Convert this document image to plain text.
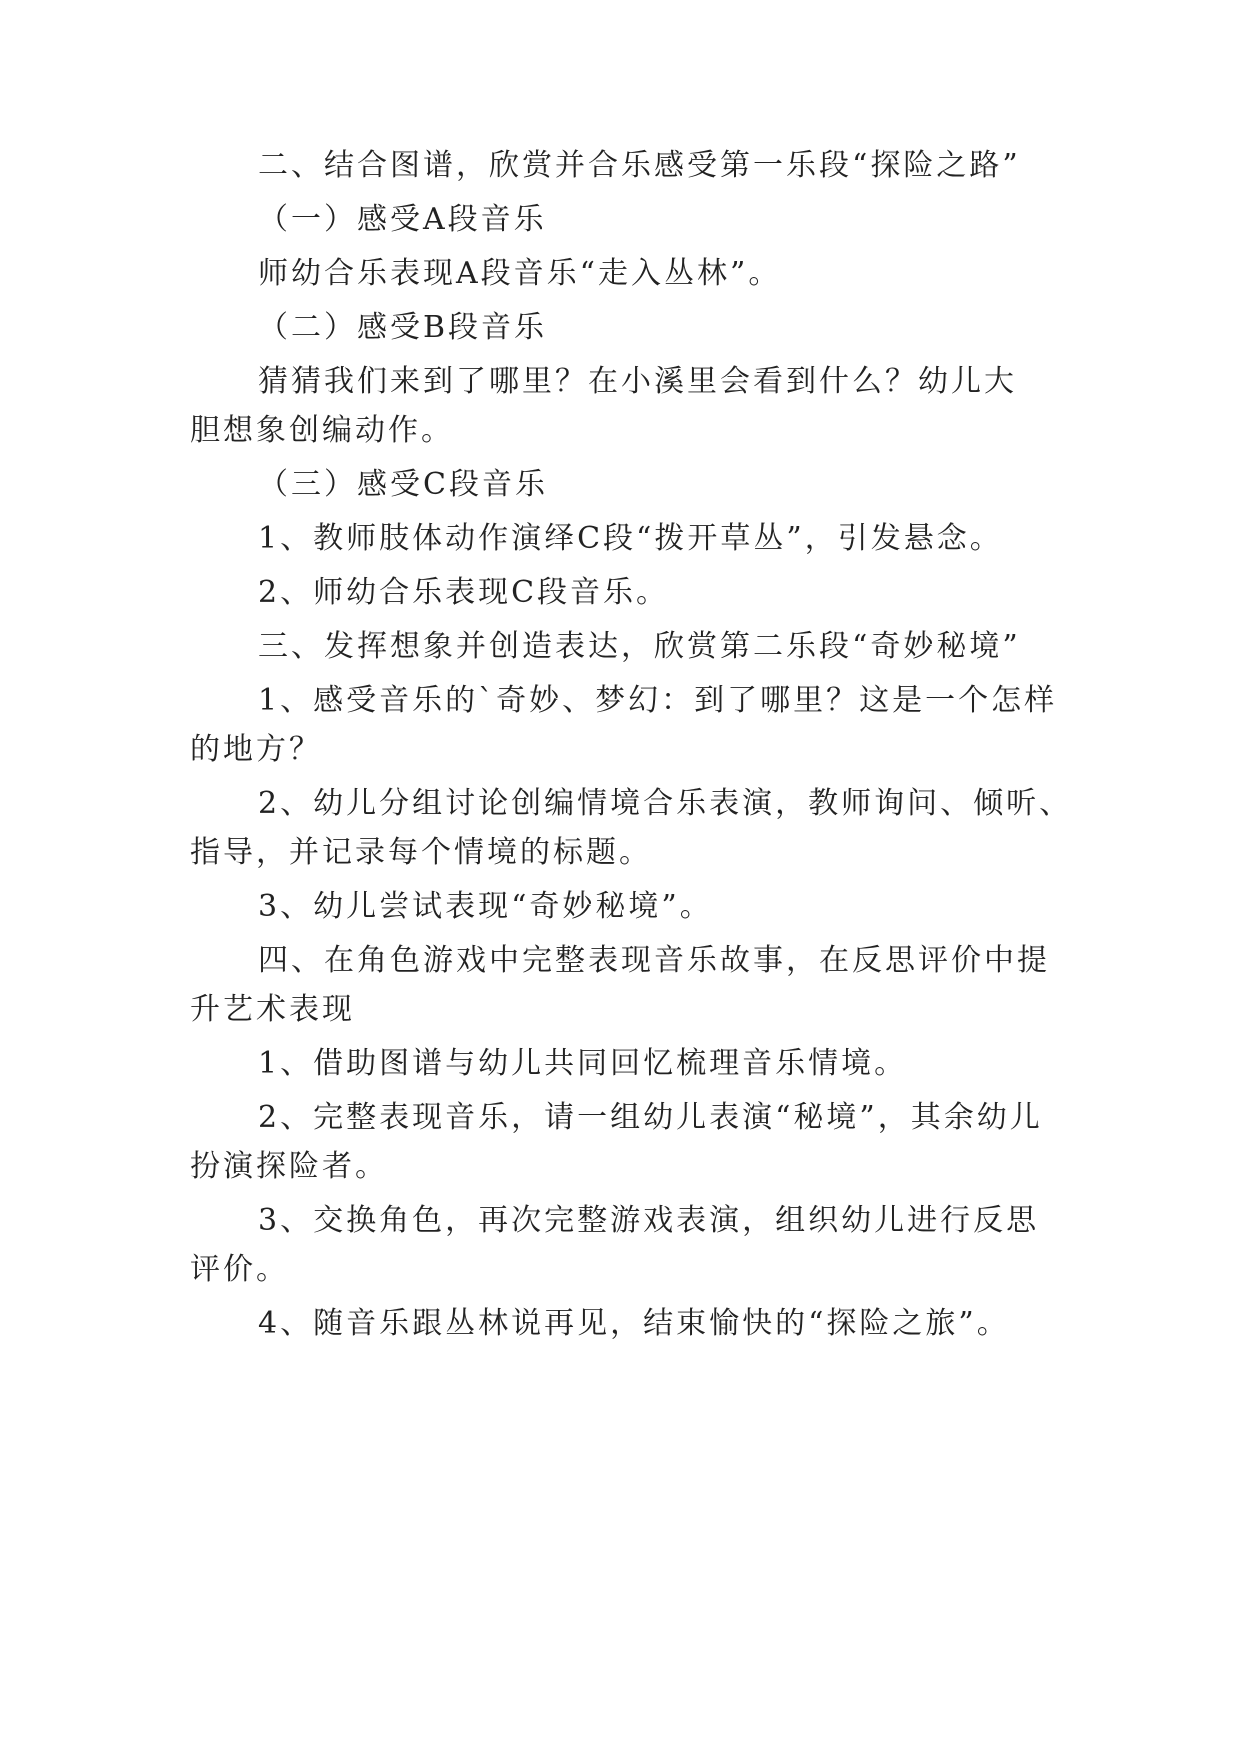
二、结合图谱，欣赏并合乐感受第一乐段“探险之路”
（一）感受A段音乐
师幼合乐表现A段音乐“走入丛林”。
（二）感受B段音乐
猜猜我们来到了哪里？在小溪里会看到什么？幼儿大
胆想象创编动作。
（三）感受C段音乐
1、教师肢体动作演绎C段“拨开草丛”，引发悬念。
2、师幼合乐表现C段音乐。
三、发挥想象并创造表达，欣赏第二乐段“奇妙秘境”
1、感受音乐的`奇妙、梦幻：到了哪里？这是一个怎样
的地方？
2、幼儿分组讨论创编情境合乐表演，教师询问、倾听、
指导，并记录每个情境的标题。
3、幼儿尝试表现“奇妙秘境”。
四、在角色游戏中完整表现音乐故事，在反思评价中提
升艺术表现
1、借助图谱与幼儿共同回忆梳理音乐情境。
2、完整表现音乐，请一组幼儿表演“秘境”，其余幼儿
扮演探险者。
3、交换角色，再次完整游戏表演，组织幼儿进行反思
评价。
4、随音乐跟丛林说再见，结束愉快的“探险之旅”。
